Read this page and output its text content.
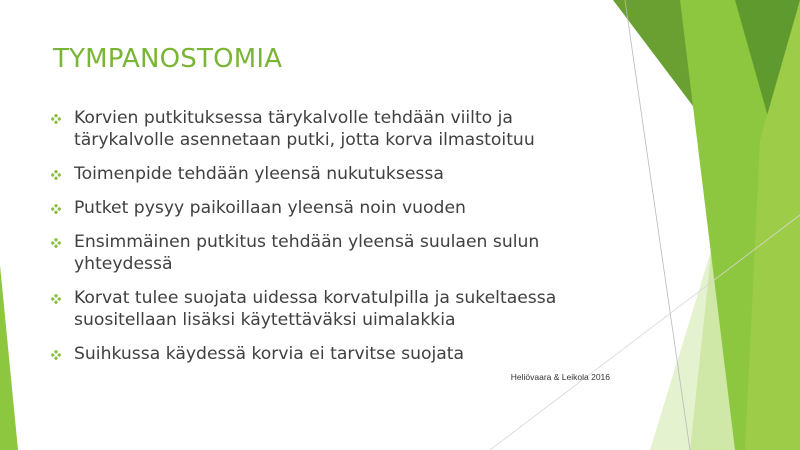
TYMPANOSTOMIA
Korvien putkituksessa tärykalvolle tehdään viilto ja tärykalvolle asennetaan putki, jotta korva ilmastoituu
Toimenpide tehdään yleensä nukutuksessa
Putket pysyy paikoillaan yleensä noin vuoden
Ensimmäinen putkitus tehdään yleensä suulaen sulun yhteydessä
Korvat tulee suojata uidessa korvatulpilla ja sukeltaessa suositellaan lisäksi käytettäväksi uimalakkia
Suihkussa käydessä korvia ei tarvitse suojata
Heliövaara & Leikola 2016
